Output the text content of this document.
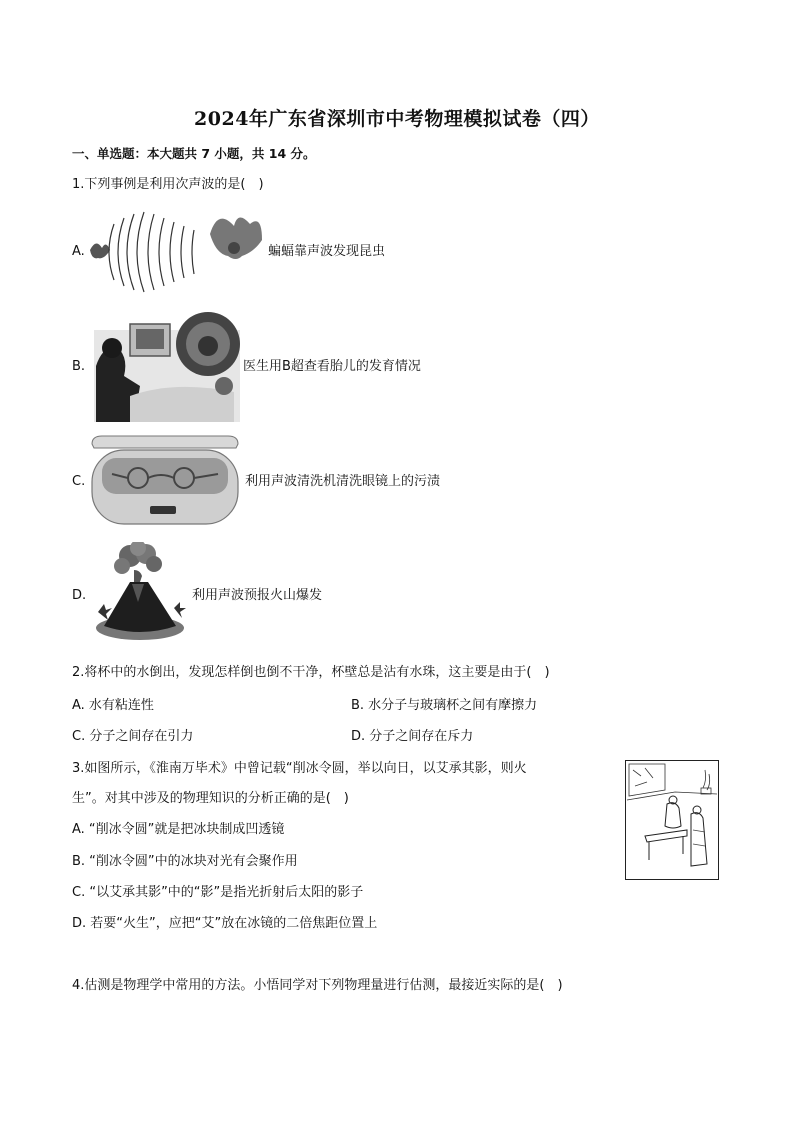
2024年广东省深圳市中考物理模拟试卷（四）
一、单选题：本大题共 7 小题，共 14 分。
1.下列事例是利用次声波的是(　)
A.	蝙蝠靠声波发现昆虫
B.	医生用B超查看胎儿的发育情况
C.	利用声波清洗机清洗眼镜上的污渍
D.	利用声波预报火山爆发
2.将杯中的水倒出，发现怎样倒也倒不干净，杯壁总是沾有水珠，这主要是由于(　)
A. 水有粘连性	B. 水分子与玻璃杯之间有摩擦力
C. 分子之间存在引力	D. 分子之间存在斥力
3.如图所示，《淮南万毕术》中曾记载“削冰令圆，举以向日，以艾承其影，则火
生”。对其中涉及的物理知识的分析正确的是(　)
A. “削冰令圆”就是把冰块制成凹透镜
B. “削冰令圆”中的冰块对光有会聚作用
C. “以艾承其影”中的“影”是指光折射后太阳的影子
D. 若要“火生”，应把“艾”放在冰镜的二倍焦距位置上
4.估测是物理学中常用的方法。小悟同学对下列物理量进行估测，最接近实际的是(　)
